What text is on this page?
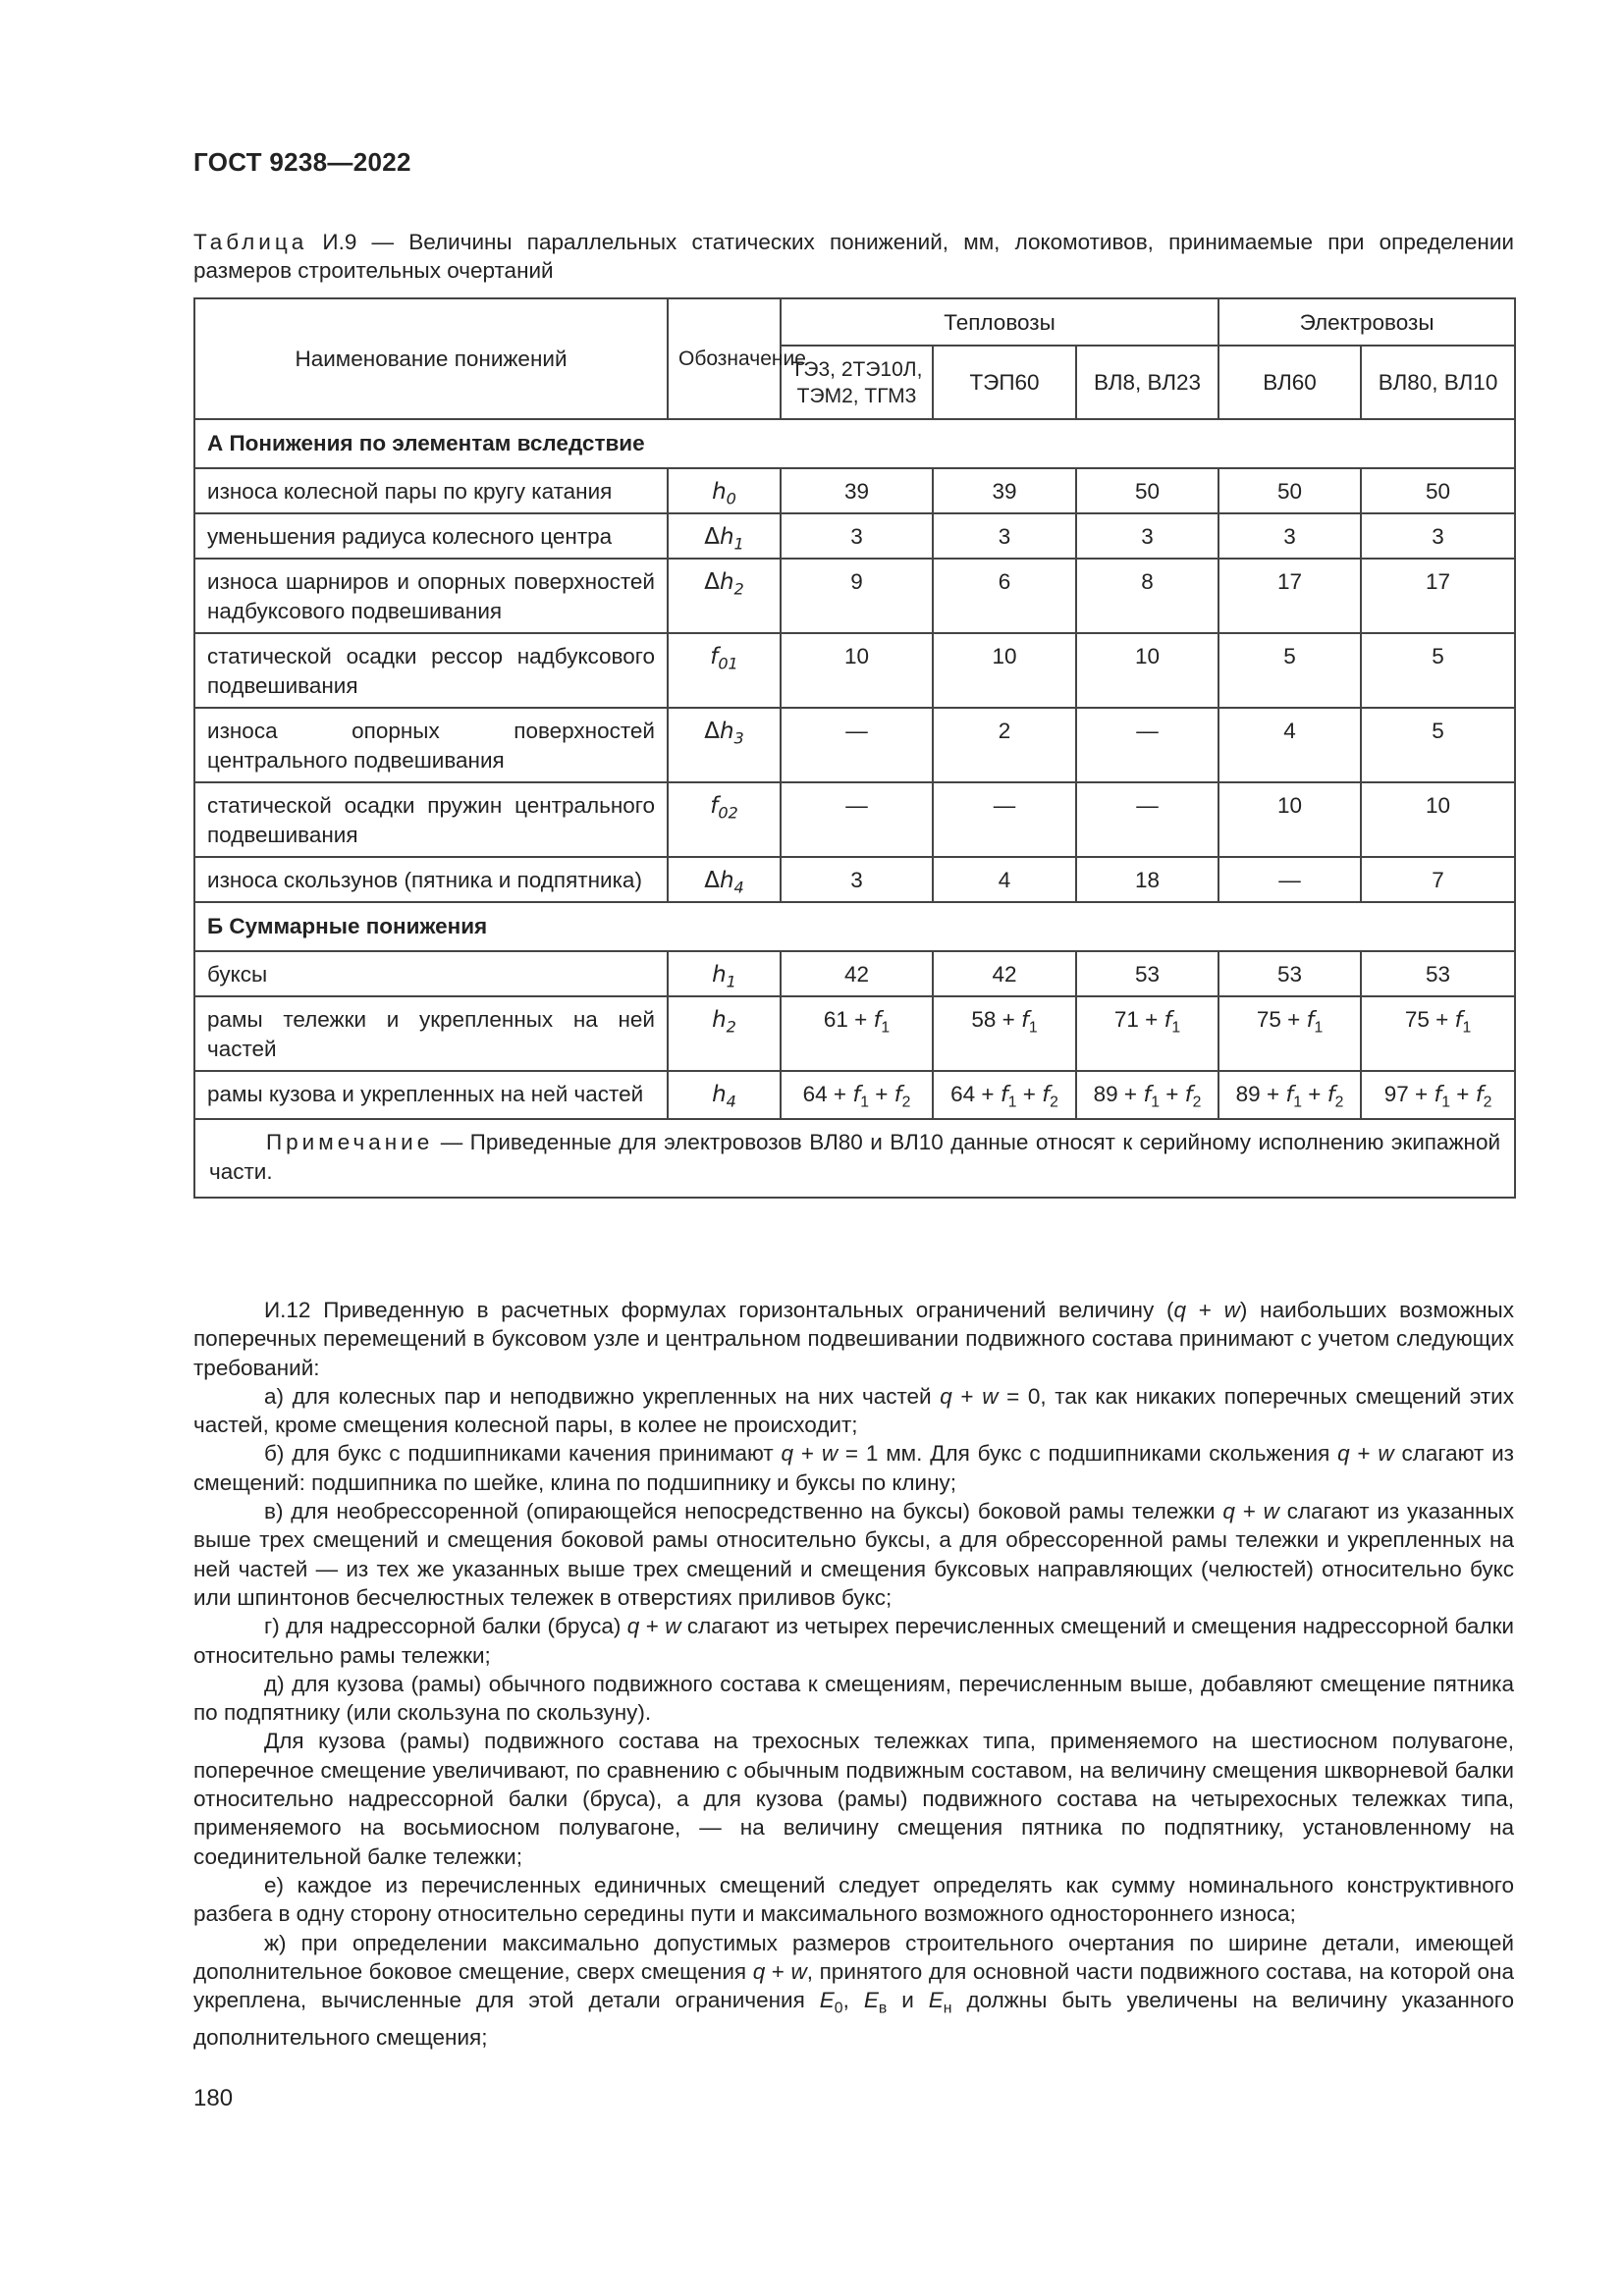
ГОСТ 9238—2022
Таблица И.9 — Величины параллельных статических понижений, мм, локомотивов, принимаемые при определении размеров строительных очертаний
Наименование понижений	Обозначение	Тепловозы			Электровозы	
		ТЭ3, 2ТЭ10Л, ТЭМ2, ТГМ3	ТЭП60	ВЛ8, ВЛ23	ВЛ60	ВЛ80, ВЛ10
А Понижения по элементам вследствие						
износа колесной пары по кругу катания	$h_0$	39	39	50	50	50
уменьшения радиуса колесного центра	$\Delta h_1$	3	3	3	3	3
износа шарниров и опорных поверхностей надбуксового подвешивания	$\Delta h_2$	9	6	8	17	17
статической осадки рессор надбуксового подвешивания	$f_{01}$	10	10	10	5	5
износа опорных поверхностей центрального подвешивания	$\Delta h_3$	—	2	—	4	5
статической осадки пружин центрального подвешивания	$f_{02}$	—	—	—	10	10
износа скользунов (пятника и подпятника)	$\Delta h_4$	3	4	18	—	7
Б Суммарные понижения						
буксы	$h_1$	42	42	53	53	53
рамы тележки и укрепленных на ней частей	$h_2$	$61 + f_1$	$58 + f_1$	$71 + f_1$	$75 + f_1$	$75 + f_1$
рамы кузова и укрепленных на ней частей	$h_4$	$64 + f_1 + f_2$	$64 + f_1 + f_2$	$89 + f_1 + f_2$	$89 + f_1 + f_2$	$97 + f_1 + f_2$
Примечание — Приведенные для электровозов ВЛ80 и ВЛ10 данные относят к серийному исполнению экипажной части.						

И.12 Приведенную в расчетных формулах горизонтальных ограничений величину (q + w) наибольших возможных поперечных перемещений в буксовом узле и центральном подвешивании подвижного состава принимают с учетом следующих требований:

а) для колесных пар и неподвижно укрепленных на них частей q + w = 0, так как никаких поперечных смещений этих частей, кроме смещения колесной пары, в колее не происходит;

б) для букс с подшипниками качения принимают q + w = 1 мм. Для букс с подшипниками скольжения q + w слагают из смещений: подшипника по шейке, клина по подшипнику и буксы по клину;

в) для необрессоренной (опирающейся непосредственно на буксы) боковой рамы тележки q + w слагают из указанных выше трех смещений и смещения боковой рамы относительно буксы, а для обрессоренной рамы тележки и укрепленных на ней частей — из тех же указанных выше трех смещений и смещения буксовых направляющих (челюстей) относительно букс или шпинтонов бесчелюстных тележек в отверстиях приливов букс;

г) для надрессорной балки (бруса) q + w слагают из четырех перечисленных смещений и смещения надрессорной балки относительно рамы тележки;

д) для кузова (рамы) обычного подвижного состава к смещениям, перечисленным выше, добавляют смещение пятника по подпятнику (или скользуна по скользуну).

Для кузова (рамы) подвижного состава на трехосных тележках типа, применяемого на шестиосном полувагоне, поперечное смещение увеличивают, по сравнению с обычным подвижным составом, на величину смещения шкворневой балки относительно надрессорной балки (бруса), а для кузова (рамы) подвижного состава на четырехосных тележках типа, применяемого на восьмиосном полувагоне, — на величину смещения пятника по подпятнику, установленному на соединительной балке тележки;

е) каждое из перечисленных единичных смещений следует определять как сумму номинального конструктивного разбега в одну сторону относительно середины пути и максимального возможного одностороннего износа;

ж) при определении максимально допустимых размеров строительного очертания по ширине детали, имеющей дополнительное боковое смещение, сверх смещения q + w, принятого для основной части подвижного состава, на которой она укреплена, вычисленные для этой детали ограничения $E_0$, $E_в$ и $E_н$ должны быть увеличены на величину указанного дополнительного смещения;

180
